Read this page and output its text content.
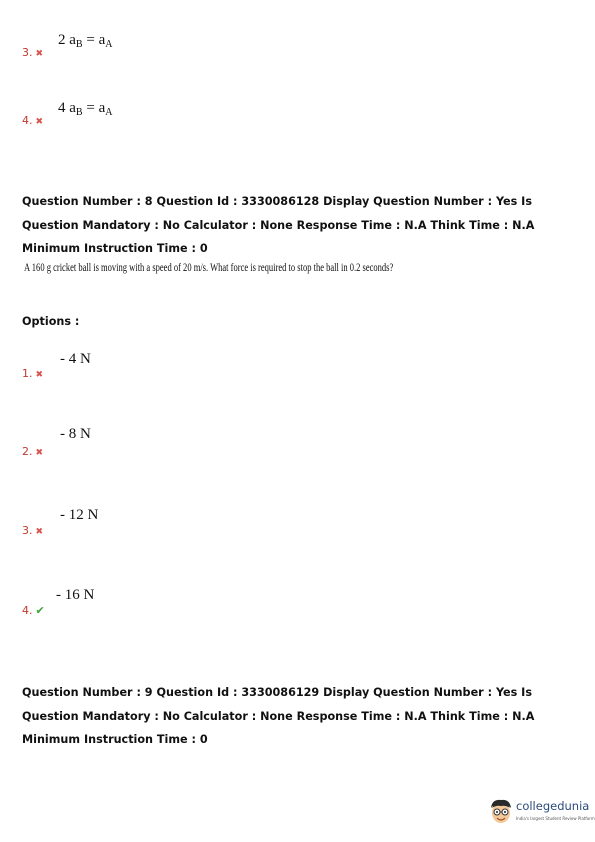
2 $a_B = a_A$
3. ✖
4 $a_B = a_A$
4. ✖
Question Number : 8 Question Id : 3330086128 Display Question Number : Yes Is Question Mandatory : No Calculator : None Response Time : N.A Think Time : N.A Minimum Instruction Time : 0
A 160 g cricket ball is moving with a speed of 20 m/s. What force is required to stop the ball in 0.2 seconds?
Options :
- 4 N
1. ✖
- 8 N
2. ✖
- 12 N
3. ✖
- 16 N
4. ✔
Question Number : 9 Question Id : 3330086129 Display Question Number : Yes Is Question Mandatory : No Calculator : None Response Time : N.A Think Time : N.A Minimum Instruction Time : 0
collegedunia
India's largest Student Review Platform
